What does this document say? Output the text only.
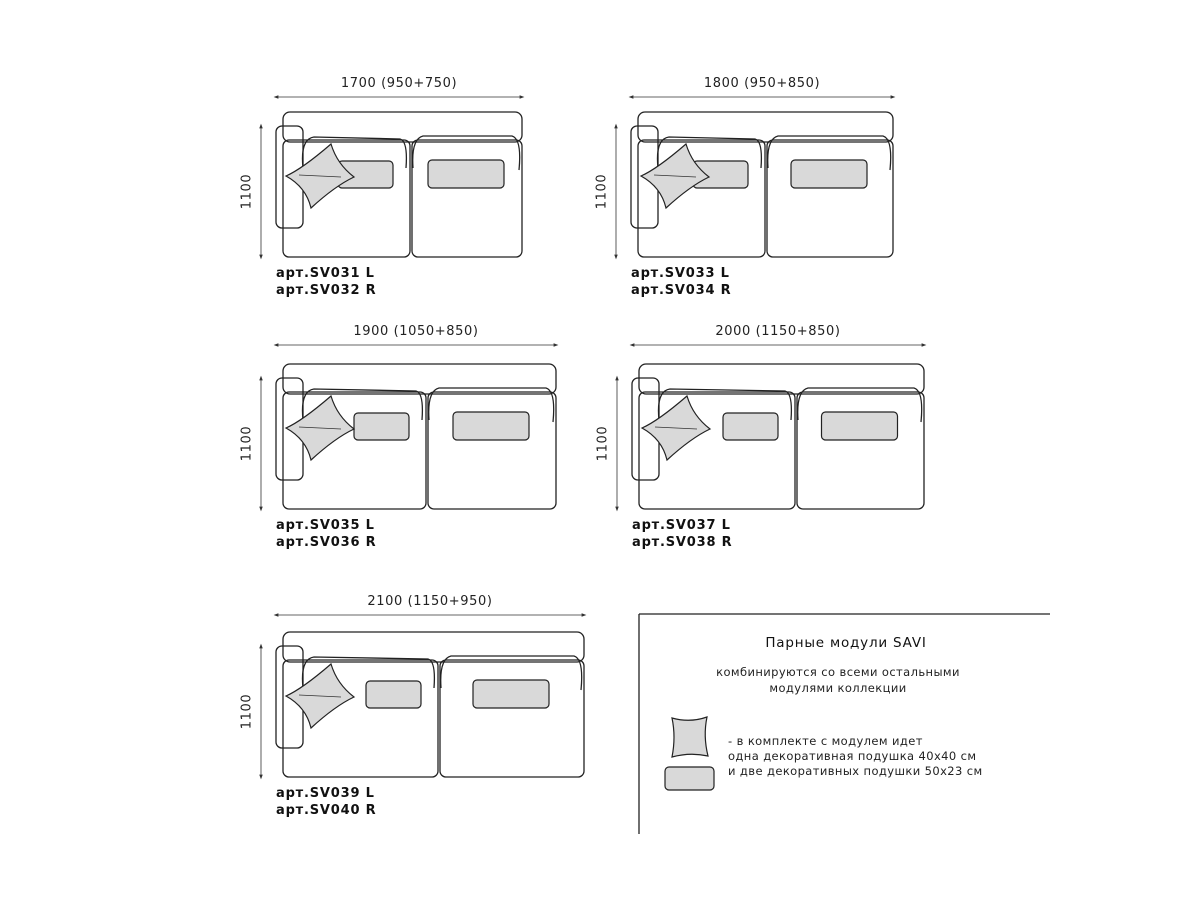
1700 (950+750)
1100
арт.SV031 L
арт.SV032 R
1800 (950+850)
1100
арт.SV033 L
арт.SV034 R
1900 (1050+850)
1100
арт.SV035 L
арт.SV036 R
2000 (1150+850)
1100
арт.SV037 L
арт.SV038 R
2100 (1150+950)
1100
арт.SV039 L
арт.SV040 R
Парные модули SAVI
комбинируются со всеми остальными
модулями коллекции
- в комплекте с модулем идет
одна декоративная подушка 40х40 см
и две декоративных подушки 50х23 см
